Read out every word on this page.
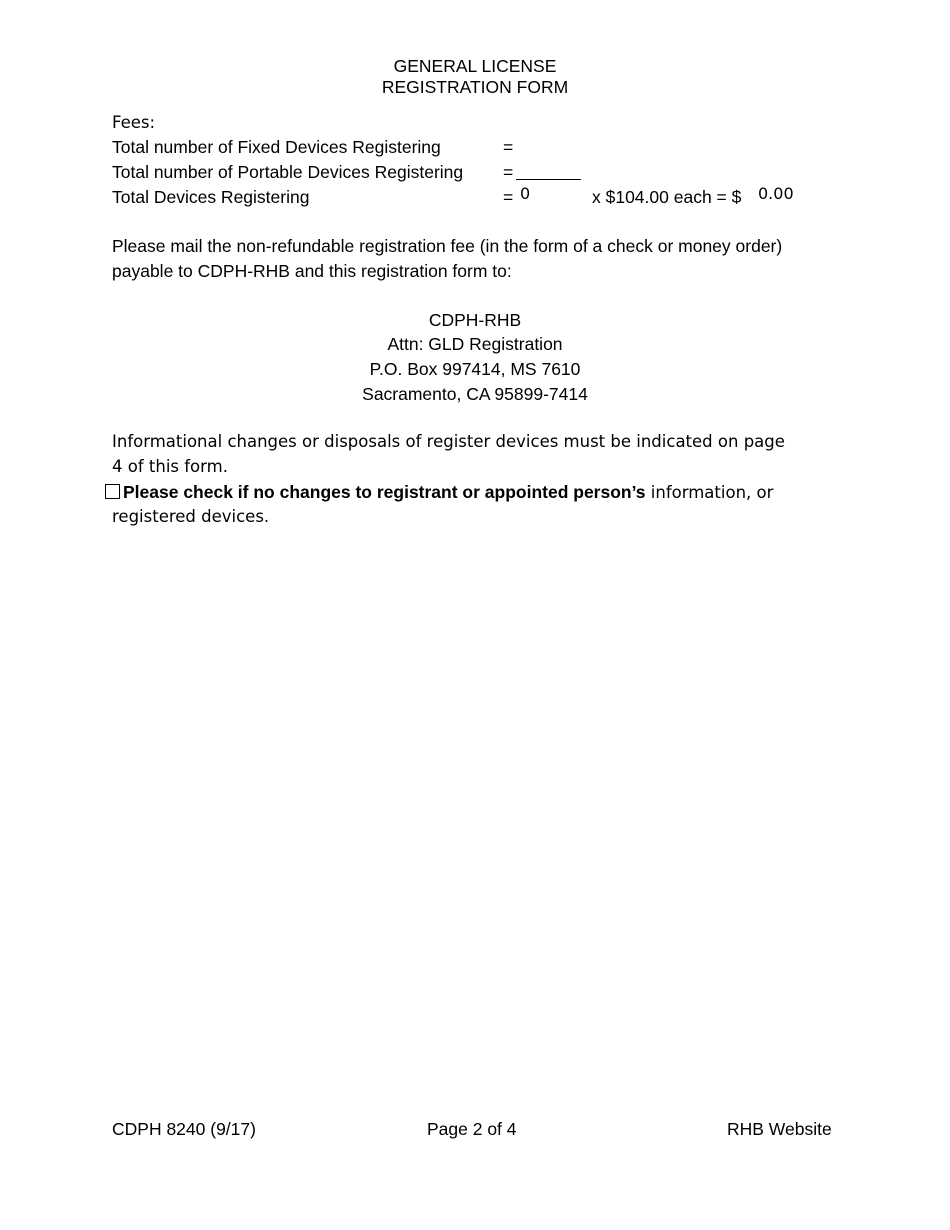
GENERAL LICENSE
REGISTRATION FORM
Fees:
Total number of Fixed Devices Registering	=
Total number of Portable Devices Registering =
Total Devices Registering	= 0	x $104.00 each = $ 0.00
Please mail the non-refundable registration fee (in the form of a check or money order)
payable to CDPH-RHB and this registration form to:
CDPH-RHB
Attn: GLD Registration
P.O. Box 997414, MS 7610
Sacramento, CA 95899-7414
Informational changes or disposals of register devices must be indicated on page
4 of this form.
Please check if no changes to registrant or appointed person’s information, or
registered devices.
CDPH 8240 (9/17)	Page 2 of 4	RHB Website
